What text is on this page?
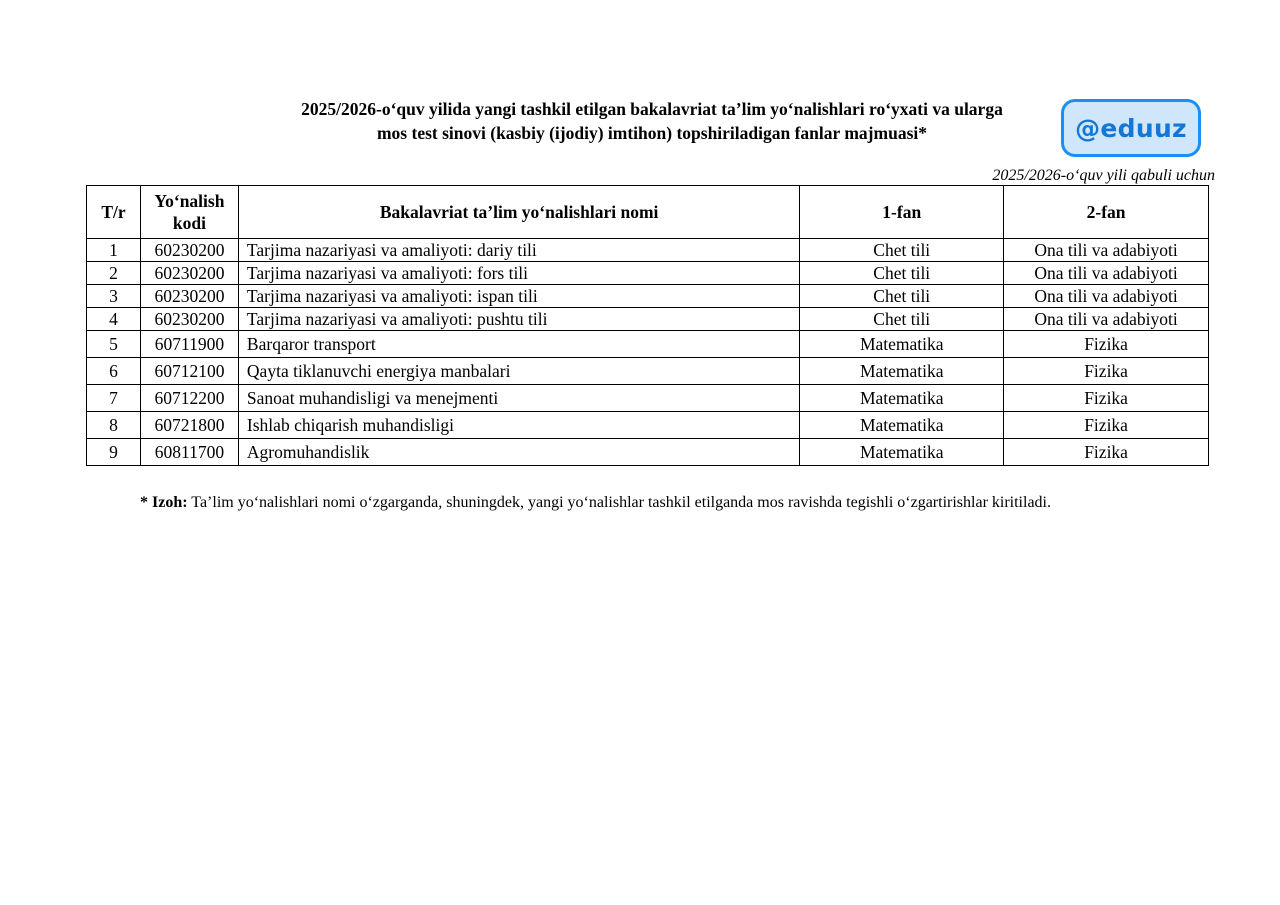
2025/2026-o‘quv yilida yangi tashkil etilgan bakalavriat ta’lim yo‘nalishlari ro‘yxati va ularga
mos test sinovi (kasbiy (ijodiy) imtihon) topshiriladigan fanlar majmuasi*	@eduuz
2025/2026-o‘quv yili qabuli uchun
T/r	Yo‘nalish kodi	Bakalavriat ta’lim yo‘nalishlari nomi	1-fan	2-fan
1	60230200	Tarjima nazariyasi va amaliyoti: dariy tili	Chet tili	Ona tili va adabiyoti
2	60230200	Tarjima nazariyasi va amaliyoti: fors tili	Chet tili	Ona tili va adabiyoti
3	60230200	Tarjima nazariyasi va amaliyoti: ispan tili	Chet tili	Ona tili va adabiyoti
4	60230200	Tarjima nazariyasi va amaliyoti: pushtu tili	Chet tili	Ona tili va adabiyoti
5	60711900	Barqaror transport	Matematika	Fizika
6	60712100	Qayta tiklanuvchi energiya manbalari	Matematika	Fizika
7	60712200	Sanoat muhandisligi va menejmenti	Matematika	Fizika
8	60721800	Ishlab chiqarish muhandisligi	Matematika	Fizika
9	60811700	Agromuhandislik	Matematika	Fizika
* Izoh: Ta’lim yo‘nalishlari nomi o‘zgarganda, shuningdek, yangi yo‘nalishlar tashkil etilganda mos ravishda tegishli o‘zgartirishlar kiritiladi.
